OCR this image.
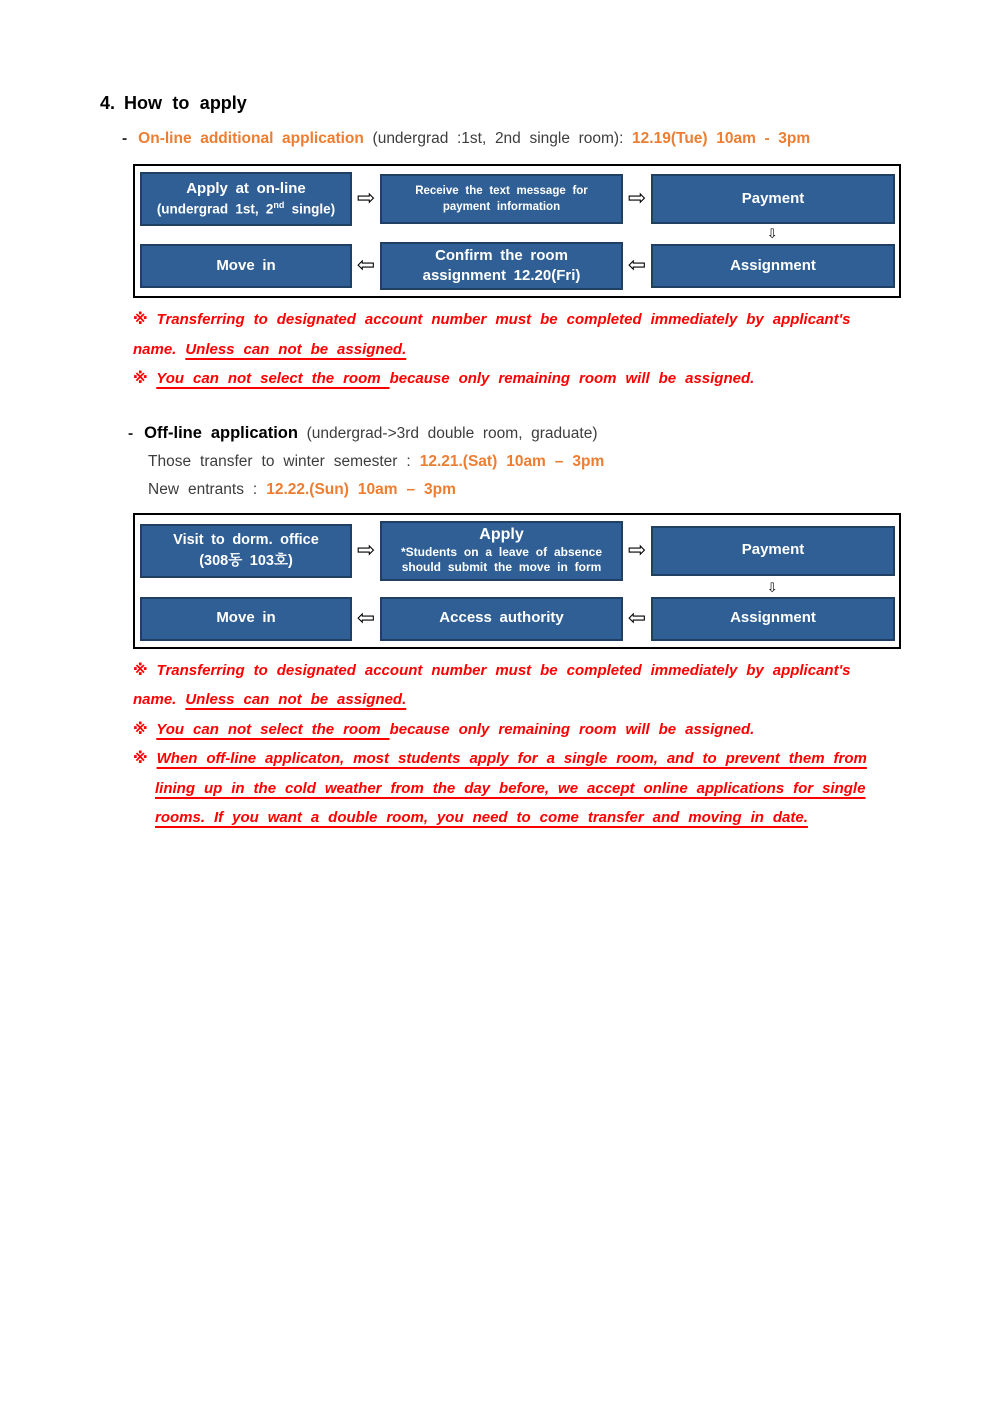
4. How to apply
- On-line additional application (undergrad :1st, 2nd single room): 12.19(Tue) 10am - 3pm
Apply at on-line
(undergrad 1st, 2nd single) ⇨	Receive the text message for
payment information	⇨	Payment
⇩
Move in	⇦	Confirm the room
assignment 12.20(Fri)	⇦	Assignment
※ Transferring to designated account number must be completed immediately by applicant's
name. Unless can not be assigned.
※ You can not select the room because only remaining room will be assigned.
- Off-line application (undergrad->3rd double room, graduate)
Those transfer to winter semester : 12.21.(Sat) 10am – 3pm
New entrants : 12.22.(Sun) 10am – 3pm
Visit to dorm. office
(308동 103호)	⇨
Apply
*Students on a leave of absence
should submit the move in form
⇨	Payment
⇩
Move in	⇦	Access authority	⇦	Assignment
※ Transferring to designated account number must be completed immediately by applicant's
name. Unless can not be assigned.
※ You can not select the room because only remaining room will be assigned.
※ When off-line applicaton, most students apply for a single room, and to prevent them from
lining up in the cold weather from the day before, we accept online applications for single
rooms. If you want a double room, you need to come transfer and moving in date.
